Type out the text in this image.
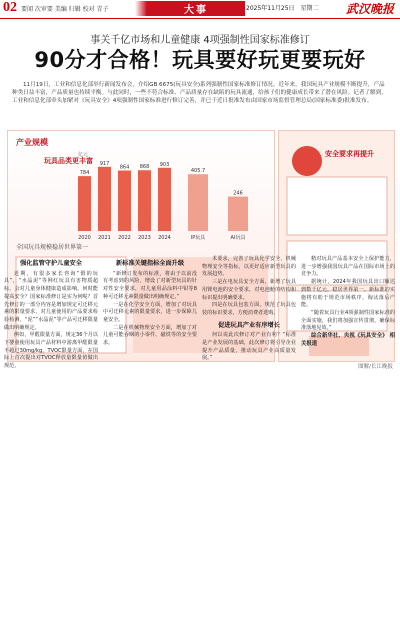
02 要闻 次审要 美编 归辑 校对 青子	大事	2025年11月25日　星期二 武汉晚报
事关千亿市场和儿童健康 4项强制性国家标准修订
90分才合格！玩具要好玩更要玩好
11月19日，工业和信息化部举行新闻发布会，介绍GB 6675(玩具安全)系列强制性国家标准修订情况。近年来，我国玩具产业规模不断提升，产品种类日益丰富，产品质量也持续平衡。与此同时，一些不符合标准、产品质量存在缺陷的玩具流通，给孩子们的健康成长带来了潜在风险。记者了解到，工业和信息化部牵头加紧对《玩具安全》4项强制性国家标准进行修订完善，并已于近日批准发布由国家市场监督管理总局(国家标准委)批准发布。
产业规模
玩具品类更丰富
全国玩具规模稳居世界第一
784
2020
917
2021
864
2022
868
2023
903
2024
亿元
405.7
IP玩具
246
AI玩具
安全要求再提升
图解/长江晚报
强化监管守护儿童安全

近期，有很多家长咨询“假的玩具”，“水晶泥”等网红玩具有害物质超标，会对儿童身体健康造成影响。何时能提高安全？国家标准修订是实为何呢？首先修订的一部分内容是增加规定可迁移元素的限量要求，对儿童使用的产品要求检验检测，“泥”“水晶泥”等产品可迁移限量做出明确规定。

例如，甲醛限量方面，规定36个月以下婴童使用玩具产品材料中游离甲醛限量不超过30mg/kg，TVOC限量方面，在国际上首次提出对TVOC释放量限量值做出规范。

新标准关键指标全面升级

“新修订发布的标准，将由于以前没有考虑到的风险，增设了对新型玩具的针对性安全要求，对儿童用品涂料中铅等8种可迁移元素限量做出明确规定。”

一是在化学安全方面，增加了对玩具中可迁移元素的限量要求，进一步保障儿童安全。

二是在机械物理安全方面，增加了对儿童可能吞咽的小零件、磁铁等的安全要求。

术要求，完善了玩具化学安全、机械物理安全等指标，以更好适应新型玩具的发展趋势。

三是在电玩具安全方面，新增了玩具用锂电池的安全要求，对电池舱的结构和标识提出明确要求。

四是在玩具包装方面，规范了玩具包装的标识要求，方便消费者选购。

促进玩具产业有序增长

何以说此次修订对产业有利？“标准是产业发展的基础，此次修订将引导企业提升产品质量，推动玩具产业高质量发展。”

精对玩具产品基本安全上保护能力，进一步增强我国玩具产品在国际市场上的竞争力。

据统计，2024年我国玩具出口额达到数千亿元，稳居世界第一。新标准的实施将有助于规范市场秩序，淘汰落后产能。

“随着玩具行业4项强制性国家标准的全面实施，我们将加强宣传贯彻，确保标准落地见效。”

综合新华社、央视《玩具安全》 相关报道
